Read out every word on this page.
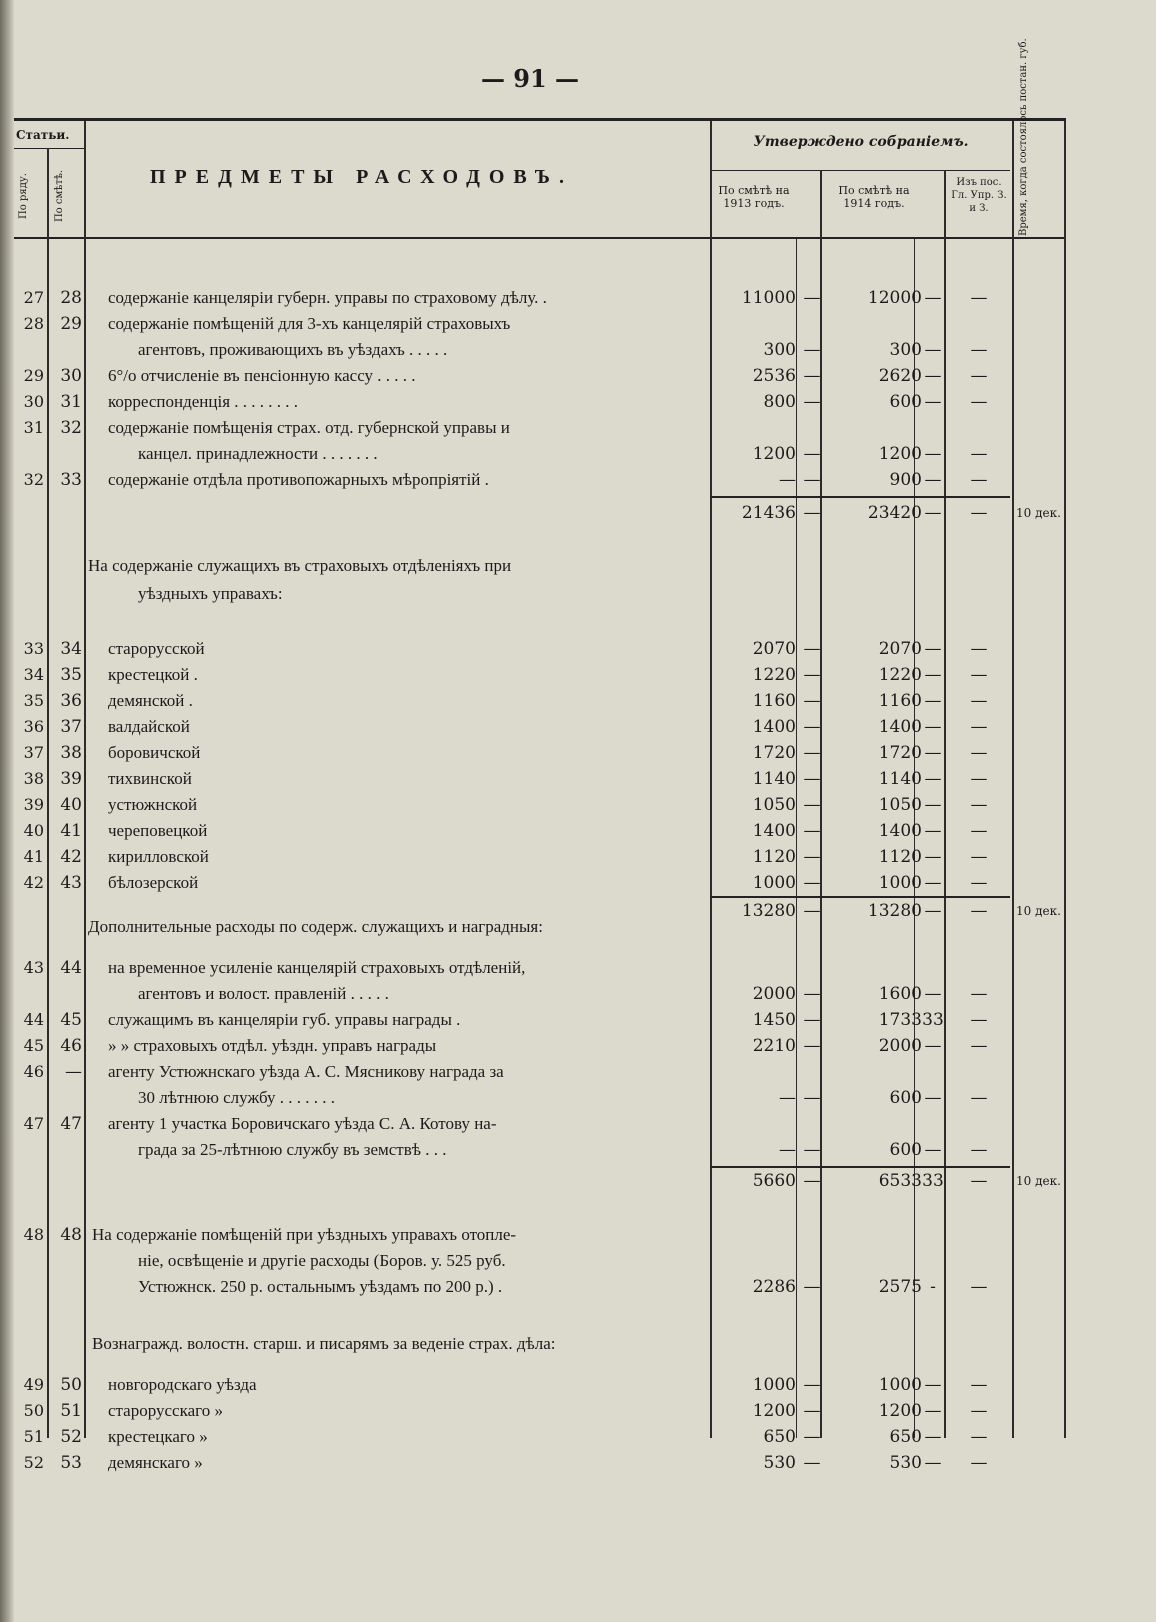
— 91 —
Статьи.
По ряду.	По смѣтѣ.	ПРЕДМЕТЫ РАСХОДОВЪ.
Утверждено собраніемъ.
По смѣтѣ на 1913 годъ.
По смѣтѣ на 1914 годъ.
Изъ пос. Гл. Упр. З. и З.	Время, когда состоялось постан. губ.
27 28 содержаніе канцеляріи губерн. управы по страховому дѣлу. .	11000 —	12000 —	—
28 29 содержаніе помѣщеній для 3-хъ канцелярій страховыхъ
агентовъ, проживающихъ въ уѣздахъ . . . . .	300 —	300 —	—
29 30 6°/о отчисленіе въ пенсіонную кассу . . . . .	2536 —	2620 —	—
30 31 корреспонденція . . . . . . . .	800 —	600 —	—
31 32 содержаніе помѣщенія страх. отд. губернской управы и
канцел. принадлежности . . . . . . .	1200 —	1200 —	—
32 33 содержаніе отдѣла противопожарныхъ мѣропріятій .	— —	900 —	—
21436 —	23420 —	—	10 дек.
На содержаніе служащихъ въ страховыхъ отдѣленіяхъ при
уѣздныхъ управахъ:
33 34 старорусской	2070 —	2070 —	—
34 35 крестецкой .	1220 —	1220 —	—
35 36 демянской .	1160 —	1160 —	—
36 37 валдайской	1400 —	1400 —	—
37 38 боровичской	1720 —	1720 —	—
38 39 тихвинской	1140 —	1140 —	—
39 40 устюжнской	1050 —	1050 —	—
40 41 череповецкой	1400 —	1400 —	—
41 42 кирилловской	1120 —	1120 —	—
42 43 бѣлозерской	1000 —	1000 —	—
13280 —	13280 —	—	10 дек.
Дополнительные расходы по содерж. служащихъ и наградныя:
43 44 на временное усиленіе канцелярій страховыхъ отдѣленій,
агентовъ и волост. правленій . . . . .	2000 —	1600 —	—
44 45 служащимъ въ канцеляріи губ. управы награды .	1450 —	1733 33	—
45 46 » » страховыхъ отдѣл. уѣздн. управъ награды	2210 —	2000 —	—
46	— агенту Устюжнскаго уѣзда А. С. Мясникову награда за
30 лѣтнюю службу . . . . . . .	— —	600 —	—
47 47 агенту 1 участка Боровичскаго уѣзда С. А. Котову на-
града за 25-лѣтнюю службу въ земствѣ . . .	— —	600 —	—
5660 —	6533 33	—	10 дек.
48 48 На содержаніе помѣщеній при уѣздныхъ управахъ отопле-
ніе, освѣщеніе и другіе расходы (Боров. у. 525 руб.
Устюжнск. 250 р. остальнымъ уѣздамъ по 200 р.) .	2286 —	2575 -	—
Вознагражд. волостн. старш. и писарямъ за веденіе страх. дѣла:
49 50 новгородскаго уѣзда	1000 —	1000 —	—
50 51 старорусскаго »	1200 —	1200 —	—
51 52 крестецкаго »	650 —	650 —	—
52 53 демянскаго »	530 —	530 —	—
